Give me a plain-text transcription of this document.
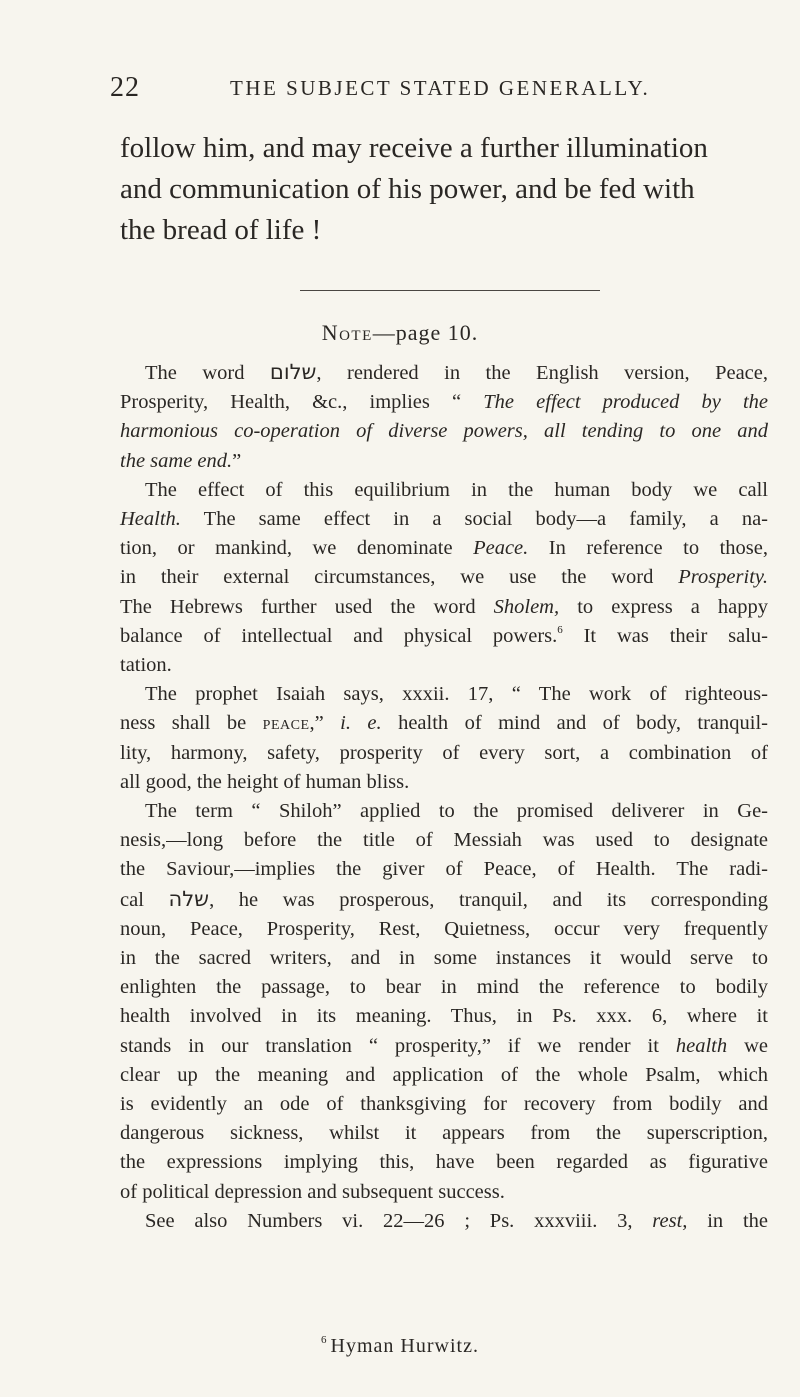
22	THE SUBJECT STATED GENERALLY.
follow him, and may receive a further illumination
and communication of his power, and be fed with
the bread of life !
Note—page 10.
The word שלום, rendered in the English version, Peace,
Prosperity, Health, &c., implies “ The effect produced by the
harmonious co-operation of diverse powers, all tending to one and
the same end.”
The effect of this equilibrium in the human body we call
Health. The same effect in a social body—a family, a na-
tion, or mankind, we denominate Peace. In reference to those,
in their external circumstances, we use the word Prosperity.
The Hebrews further used the word Sholem, to express a happy
balance of intellectual and physical powers.$^6$ It was their salu-
tation.
The prophet Isaiah says, xxxii. 17, “ The work of righteous-
ness shall be peace,” i. e. health of mind and of body, tranquil-
lity, harmony, safety, prosperity of every sort, a combination of
all good, the height of human bliss.
The term “ Shiloh” applied to the promised deliverer in Ge-
nesis,—long before the title of Messiah was used to designate
the Saviour,—implies the giver of Peace, of Health. The radi-
cal שלה, he was prosperous, tranquil, and its corresponding
noun, Peace, Prosperity, Rest, Quietness, occur very frequently
in the sacred writers, and in some instances it would serve to
enlighten the passage, to bear in mind the reference to bodily
health involved in its meaning. Thus, in Ps. xxx. 6, where it
stands in our translation “ prosperity,” if we render it health we
clear up the meaning and application of the whole Psalm, which
is evidently an ode of thanksgiving for recovery from bodily and
dangerous sickness, whilst it appears from the superscription,
the expressions implying this, have been regarded as figurative
of political depression and subsequent success.
See also Numbers vi. 22—26 ; Ps. xxxviii. 3, rest, in the
$^6$ Hyman Hurwitz.
